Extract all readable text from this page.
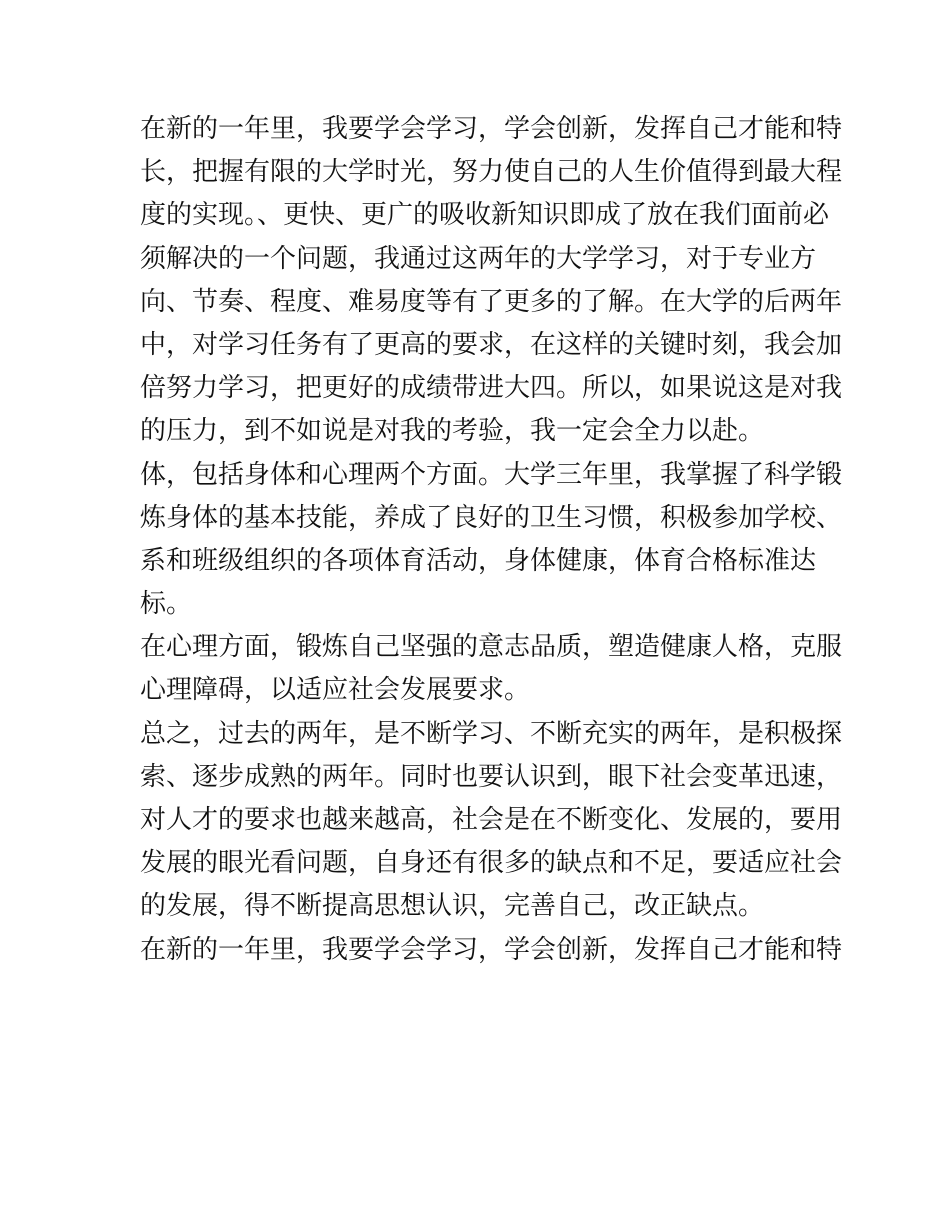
在新的一年里，我要学会学习，学会创新，发挥自己才能和特
长，把握有限的大学时光，努力使自己的人生价值得到最大程
度的实现。、更快、更广的吸收新知识即成了放在我们面前必
须解决的一个问题，我通过这两年的大学学习，对于专业方
向、节奏、程度、难易度等有了更多的了解。在大学的后两年
中，对学习任务有了更高的要求，在这样的关键时刻，我会加
倍努力学习，把更好的成绩带进大四。所以，如果说这是对我
的压力，到不如说是对我的考验，我一定会全力以赴。
体，包括身体和心理两个方面。大学三年里，我掌握了科学锻
炼身体的基本技能，养成了良好的卫生习惯，积极参加学校、
系和班级组织的各项体育活动，身体健康，体育合格标准达
标。
在心理方面，锻炼自己坚强的意志品质，塑造健康人格，克服
心理障碍，以适应社会发展要求。
总之，过去的两年，是不断学习、不断充实的两年，是积极探
索、逐步成熟的两年。同时也要认识到，眼下社会变革迅速，
对人才的要求也越来越高，社会是在不断变化、发展的，要用
发展的眼光看问题，自身还有很多的缺点和不足，要适应社会
的发展，得不断提高思想认识，完善自己，改正缺点。
在新的一年里，我要学会学习，学会创新，发挥自己才能和特
